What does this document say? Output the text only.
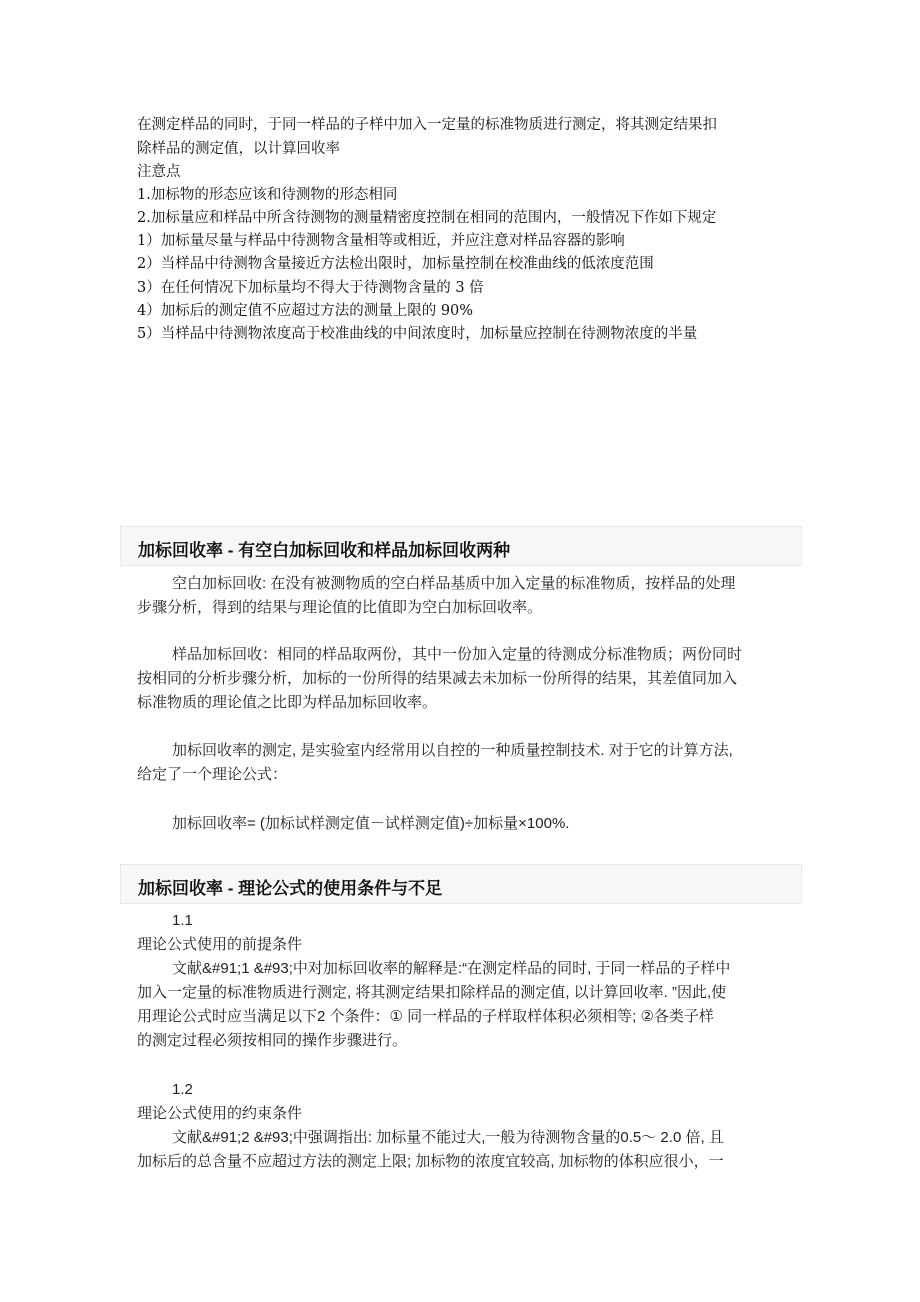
在测定样品的同时，于同一样品的子样中加入一定量的标准物质进行测定，将其测定结果扣
除样品的测定值，以计算回收率
注意点
1.加标物的形态应该和待测物的形态相同
2.加标量应和样品中所含待测物的测量精密度控制在相同的范围内，一般情况下作如下规定
1）加标量尽量与样品中待测物含量相等或相近，并应注意对样品容器的影响
2）当样品中待测物含量接近方法检出限时，加标量控制在校准曲线的低浓度范围
3）在任何情况下加标量均不得大于待测物含量的 3 倍
4）加标后的测定值不应超过方法的测量上限的 90%
5）当样品中待测物浓度高于校准曲线的中间浓度时，加标量应控制在待测物浓度的半量
加标回收率 - 有空白加标回收和样品加标回收两种
空白加标回收: 在没有被测物质的空白样品基质中加入定量的标准物质，按样品的处理
步骤分析，得到的结果与理论值的比值即为空白加标回收率。
样品加标回收：相同的样品取两份，其中一份加入定量的待测成分标准物质；两份同时
按相同的分析步骤分析，加标的一份所得的结果减去未加标一份所得的结果，其差值同加入
标准物质的理论值之比即为样品加标回收率。
加标回收率的测定, 是实验室内经常用以自控的一种质量控制技术. 对于它的计算方法,
给定了一个理论公式：
加标回收率= (加标试样测定值－试样测定值)÷加标量×100%.
加标回收率 - 理论公式的使用条件与不足
1.1
理论公式使用的前提条件
文献&#91;1 &#93;中对加标回收率的解释是:“在测定样品的同时, 于同一样品的子样中
加入一定量的标准物质进行测定, 将其测定结果扣除样品的测定值, 以计算回收率. ”因此,使
用理论公式时应当满足以下2 个条件：① 同一样品的子样取样体积必须相等; ②各类子样
的测定过程必须按相同的操作步骤进行。
1.2
理论公式使用的约束条件
文献&#91;2 &#93;中强调指出: 加标量不能过大,一般为待测物含量的0.5～ 2.0 倍, 且
加标后的总含量不应超过方法的测定上限; 加标物的浓度宜较高, 加标物的体积应很小，一
